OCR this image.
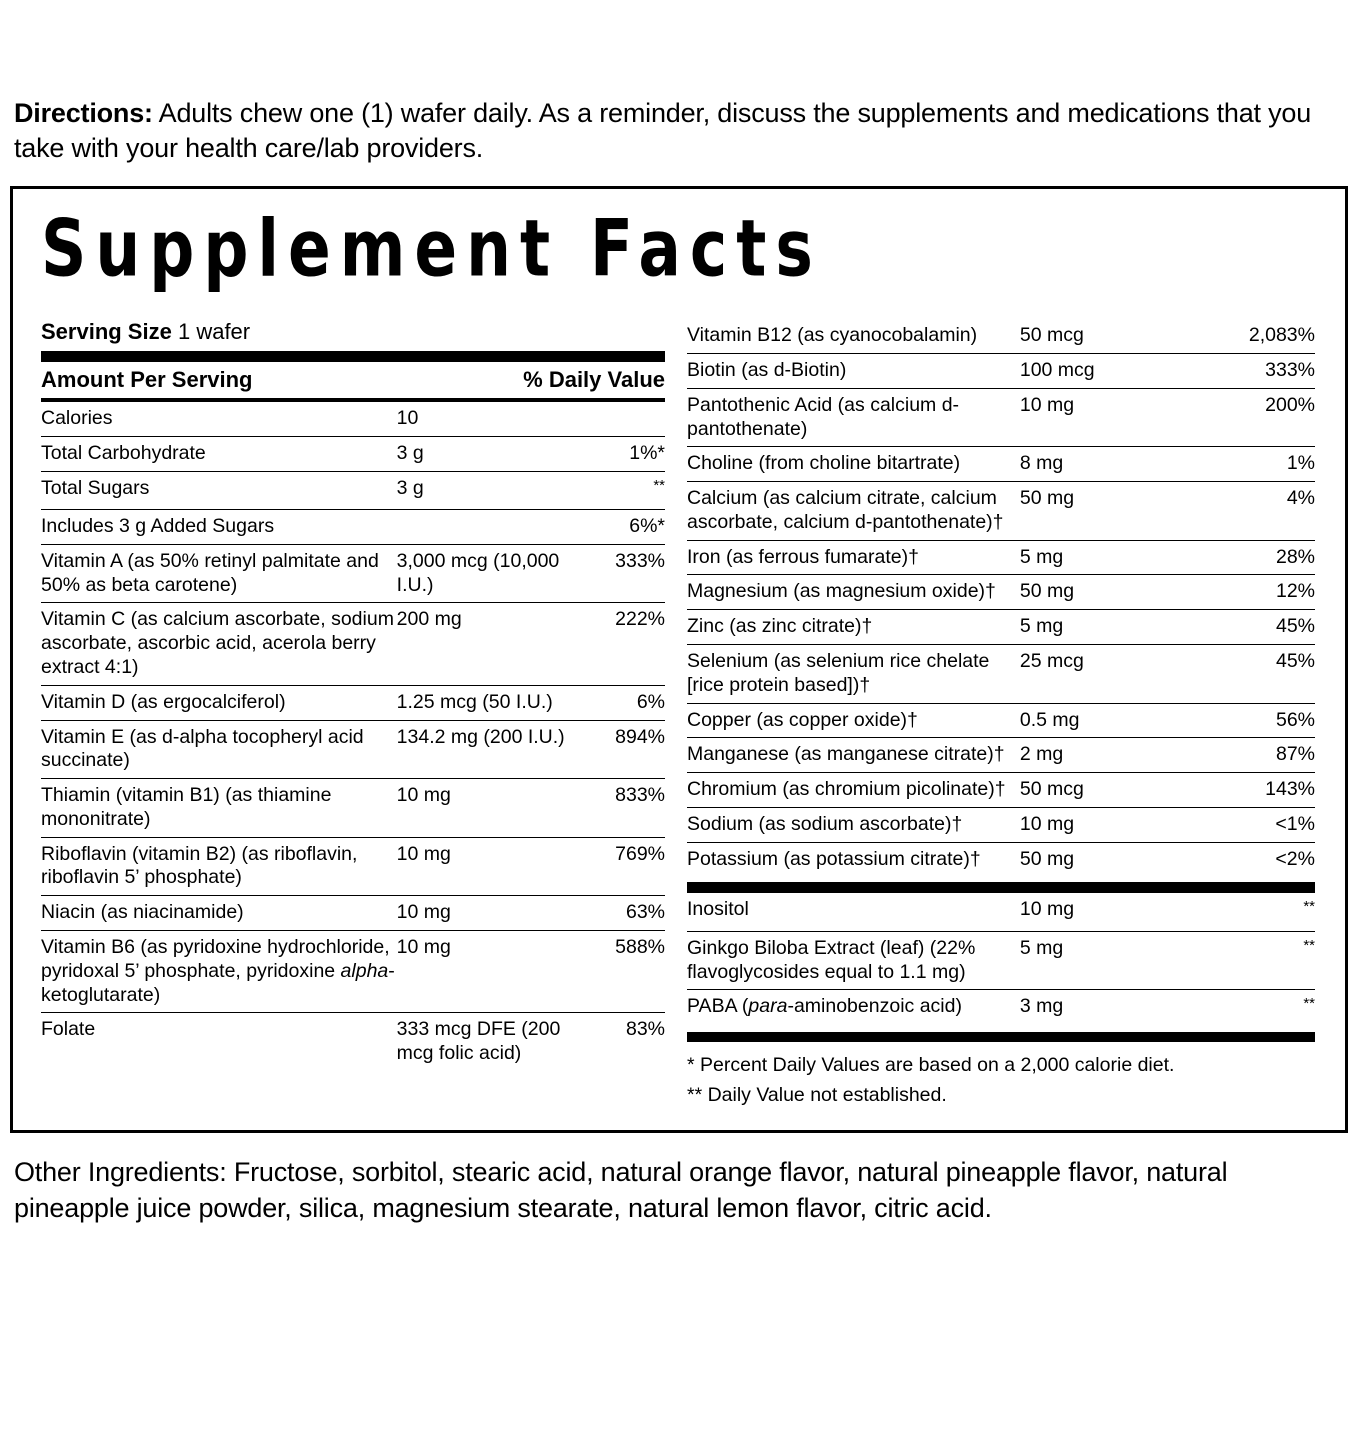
Directions: Adults chew one (1) wafer daily. As a reminder, discuss the supplements and medications that you take with your health care/lab providers.

Supplement Facts
Serving Size 1 wafer
Amount Per Serving	% Daily Value
Calories	10	
Total Carbohydrate	3 g	1%*
Total Sugars	3 g	**
Includes 3 g Added Sugars		6%*
Vitamin A (as 50% retinyl palmitate and 50% as beta carotene)	3,000 mcg (10,000 I.U.)	333%
Vitamin C (as calcium ascorbate, sodium ascorbate, ascorbic acid, acerola berry extract 4:1)	200 mg	222%
Vitamin D (as ergocalciferol)	1.25 mcg (50 I.U.)	6%
Vitamin E (as d-alpha tocopheryl acid succinate)	134.2 mg (200 I.U.)	894%
Thiamin (vitamin B1) (as thiamine mononitrate)	10 mg	833%
Riboflavin (vitamin B2) (as riboflavin, riboflavin 5’ phosphate)	10 mg	769%
Niacin (as niacinamide)	10 mg	63%
Vitamin B6 (as pyridoxine hydrochloride, pyridoxal 5’ phosphate, pyridoxine alpha-ketoglutarate)	10 mg	588%
Folate	333 mcg DFE (200 mcg folic acid)	83%
Vitamin B12 (as cyanocobalamin)	50 mcg	2,083%
Biotin (as d-Biotin)	100 mcg	333%
Pantothenic Acid (as calcium d-pantothenate)	10 mg	200%
Choline (from choline bitartrate)	8 mg	1%
Calcium (as calcium citrate, calcium ascorbate, calcium d-pantothenate)†	50 mg	4%
Iron (as ferrous fumarate)†	5 mg	28%
Magnesium (as magnesium oxide)†	50 mg	12%
Zinc (as zinc citrate)†	5 mg	45%
Selenium (as selenium rice chelate [rice protein based])†	25 mcg	45%
Copper (as copper oxide)†	0.5 mg	56%
Manganese (as manganese citrate)†	2 mg	87%
Chromium (as chromium picolinate)†	50 mcg	143%
Sodium (as sodium ascorbate)†	10 mg	<1%
Potassium (as potassium citrate)†	50 mg	<2%
Inositol	10 mg	**
Ginkgo Biloba Extract (leaf) (22% flavoglycosides equal to 1.1 mg)	5 mg	**
PABA (para-aminobenzoic acid)	3 mg	**
* Percent Daily Values are based on a 2,000 calorie diet.
** Daily Value not established.

Other Ingredients: Fructose, sorbitol, stearic acid, natural orange flavor, natural pineapple flavor, natural pineapple juice powder, silica, magnesium stearate, natural lemon flavor, citric acid.
